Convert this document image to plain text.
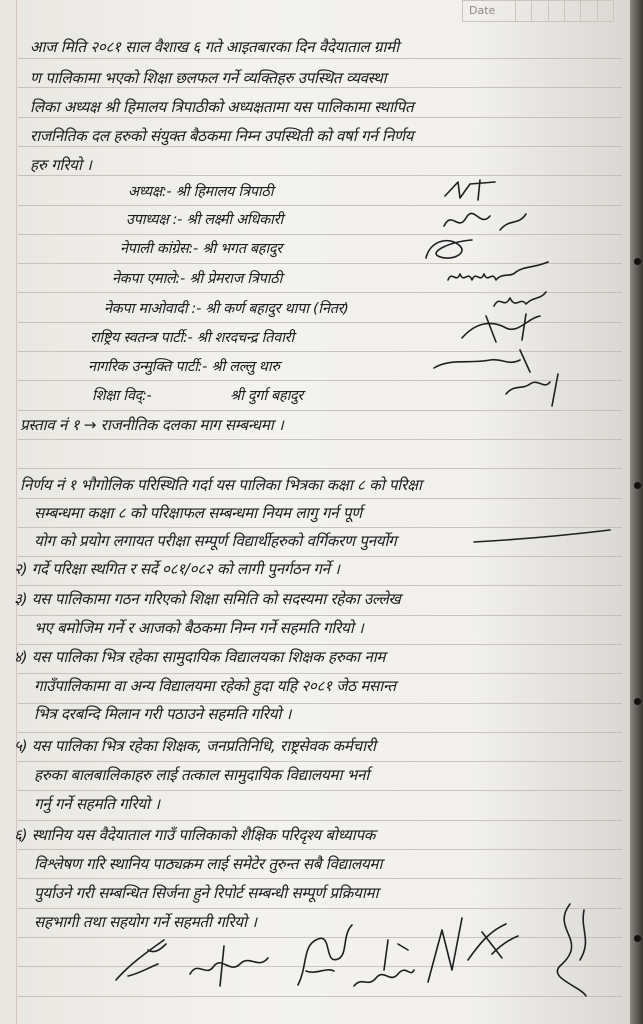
Date
आज मिति २०८१ साल वैशाख ६ गते आइतबारका दिन वैदेयाताल ग्रामी
ण पालिकामा भएको शिक्षा छलफल गर्ने व्यक्तिहरु उपस्थित व्यवस्था
लिका अध्यक्ष श्री हिमालय त्रिपाठीको अध्यक्षतामा यस पालिकामा स्थापित
राजनितिक दल हरुको संयुक्त बैठकमा निम्न उपस्थिती को वर्षा गर्न निर्णय
हरु गरियो ।
अध्यक्ष:- श्री हिमालय त्रिपाठी
उपाध्यक्ष :- श्री लक्ष्मी अधिकारी
नेपाली कांग्रेस:- श्री भगत बहादुर
नेकपा एमाले:- श्री प्रेमराज त्रिपाठी
नेकपा माओवादी :- श्री कर्ण बहादुर थापा (नितर)
राष्ट्रिय स्वतन्त्र पार्टी:- श्री शरदचन्द्र तिवारी
नागरिक उन्मुक्ति पार्टी:- श्री लल्लु थारु
शिक्षा विद्:-	श्री दुर्गा बहादुर
प्रस्ताव नं १ → राजनीतिक दलका माग सम्बन्धमा ।
निर्णय नं १ भौगोलिक परिस्थिति गर्दा यस पालिका भित्रका कक्षा ८ को परिक्षा
सम्बन्धमा कक्षा ८ को परिक्षाफल सम्बन्धमा नियम लागु गर्न पूर्ण
योग को प्रयोग लगायत परीक्षा सम्पूर्ण विद्यार्थीहरुको वर्गिकरण पुनर्योग
२) गर्दे परिक्षा स्थगित र सर्दे ०८१/०८२ को लागी पुनर्गठन गर्ने ।
३) यस पालिकामा गठन गरिएको शिक्षा समिति को सदस्यमा रहेका उल्लेख
भए बमोजिम गर्ने र आजको बैठकमा निम्न गर्ने सहमति गरियो ।
४) यस पालिका भित्र रहेका सामुदायिक विद्यालयका शिक्षक हरुका नाम
गाउँपालिकामा वा अन्य विद्यालयमा रहेको हुदा यहि २०८१ जेठ मसान्त
भित्र दरबन्दि मिलान गरी पठाउने सहमति गरियो ।
५) यस पालिका भित्र रहेका शिक्षक, जनप्रतिनिधि, राष्ट्रसेवक कर्मचारी
हरुका बालबालिकाहरु लाई तत्काल सामुदायिक विद्यालयमा भर्ना
गर्नु गर्ने सहमति गरियो ।
६) स्थानिय यस वैदेयाताल गाउँ पालिकाको शैक्षिक परिदृश्य बोध्यापक
विश्लेषण गरि स्थानिय पाठ्यक्रम लाई समेटेर तुरुन्त सबै विद्यालयमा
पुर्याउने गरी सम्बन्धित सिर्जना हुने रिपोर्ट सम्बन्धी सम्पूर्ण प्रक्रियामा
सहभागी तथा सहयोग गर्ने सहमती गरियो ।
